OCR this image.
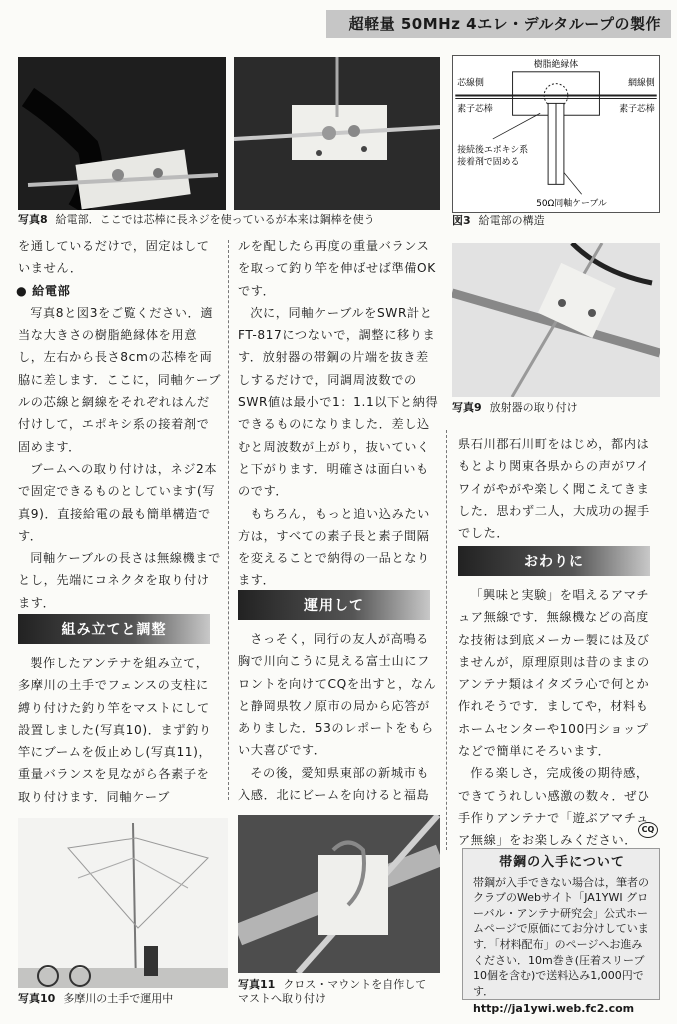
超軽量 50MHz 4エレ・デルタループの製作
写真8 給電部．ここでは芯棒に長ネジを使っているが本来は鋼棒を使う
樹脂絶縁体
芯線側	網線側
素子芯棒	素子芯棒
接続後エポキシ系
接着剤で固める
50Ω同軸ケーブル
図3 給電部の構造
写真9 放射器の取り付け

を通しているだけで，固定はしていません．

● 給電部

写真8と図3をご覧ください．適当な大きさの樹脂絶縁体を用意し，左右から長さ8cmの芯棒を両脇に差します．ここに，同軸ケーブルの芯線と網線をそれぞれはんだ付けして，エポキシ系の接着剤で固めます．

ブームへの取り付けは，ネジ2本で固定できるものとしています(写真9)．直接給電の最も簡単構造です．

同軸ケーブルの長さは無線機までとし，先端にコネクタを取り付けます．

組み立てと調整

製作したアンテナを組み立て，多摩川の土手でフェンスの支柱に縛り付けた釣り竿をマストにして設置しました(写真10)．まず釣り竿にブームを仮止めし(写真11)，重量バランスを見ながら各素子を取り付けます．同軸ケーブ

ルを配したら再度の重量バランスを取って釣り竿を伸ばせば準備OKです．

次に，同軸ケーブルをSWR計とFT-817につないで，調整に移ります．放射器の帯鋼の片端を抜き差しするだけで，同調周波数でのSWR値は最小で1：1.1以下と納得できるものになりました．差し込むと周波数が上がり，抜いていくと下がります．明確さは面白いものです．

もちろん，もっと追い込みたい方は，すべての素子長と素子間隔を変えることで納得の一品となります．

運用して

さっそく，同行の友人が高鳴る胸で川向こうに見える富士山にフロントを向けてCQを出すと，なんと静岡県牧ノ原市の局から応答がありました．53のレポートをもらい大喜びです．

その後，愛知県東部の新城市も入感．北にビームを向けると福島

県石川郡石川町をはじめ，都内はもとより関東各県からの声がワイワイがやがや楽しく聞こえてきました．思わず二人，大成功の握手でした．

おわりに

「興味と実験」を唱えるアマチュア無線です．無線機などの高度な技術は到底メーカー製には及びませんが，原理原則は昔のままのアンテナ類はイタズラ心で何とか作れそうです．ましてや，材料もホームセンターや100円ショップなどで簡単にそろいます．

作る楽しさ，完成後の期待感，できてうれしい感激の数々．ぜひ手作りアンテナで「遊ぶアマチュア無線」をお楽しみください．

CQ
帯鋼の入手について
帯鋼が入手できない場合は，筆者のクラブのWebサイト「JA1YWI グローバル・アンテナ研究会」公式ホームページで原価にてお分けしています．「材料配布」のページへお進みください．10m巻き(圧着スリーブ10個を含む)で送料込み1,000円です．
http://ja1ywi.web.fc2.com
写真10 多摩川の土手で運用中
写真11 クロス・マウントを自作して
マストへ取り付け
